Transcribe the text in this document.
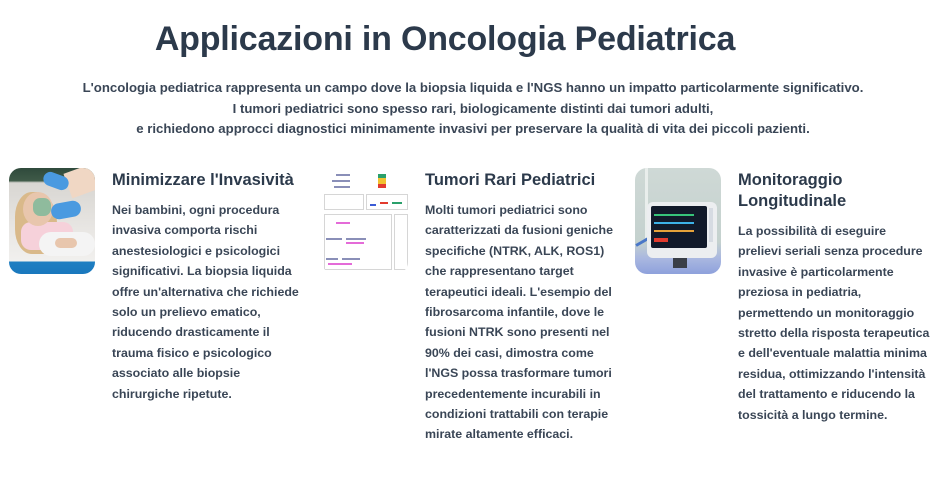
Applicazioni in Oncologia Pediatrica
L'oncologia pediatrica rappresenta un campo dove la biopsia liquida e l'NGS hanno un impatto particolarmente significativo.
I tumori pediatrici sono spesso rari, biologicamente distinti dai tumori adulti,
e richiedono approcci diagnostici minimamente invasivi per preservare la qualità di vita dei piccoli pazienti.
Minimizzare l'Invasività
Nei bambini, ogni procedura
invasiva comporta rischi
anestesiologici e psicologici
significativi. La biopsia liquida
offre un'alternativa che richiede
solo un prelievo ematico,
riducendo drasticamente il
trauma fisico e psicologico
associato alle biopsie
chirurgiche ripetute.
Tumori Rari Pediatrici
Molti tumori pediatrici sono
caratterizzati da fusioni geniche
specifiche (NTRK, ALK, ROS1)
che rappresentano target
terapeutici ideali. L'esempio del
fibrosarcoma infantile, dove le
fusioni NTRK sono presenti nel
90% dei casi, dimostra come
l'NGS possa trasformare tumori
precedentemente incurabili in
condizioni trattabili con terapie
mirate altamente efficaci.
Monitoraggio
Longitudinale
La possibilità di eseguire
prelievi seriali senza procedure
invasive è particolarmente
preziosa in pediatria,
permettendo un monitoraggio
stretto della risposta terapeutica
e dell'eventuale malattia minima
residua, ottimizzando l'intensità
del trattamento e riducendo la
tossicità a lungo termine.
